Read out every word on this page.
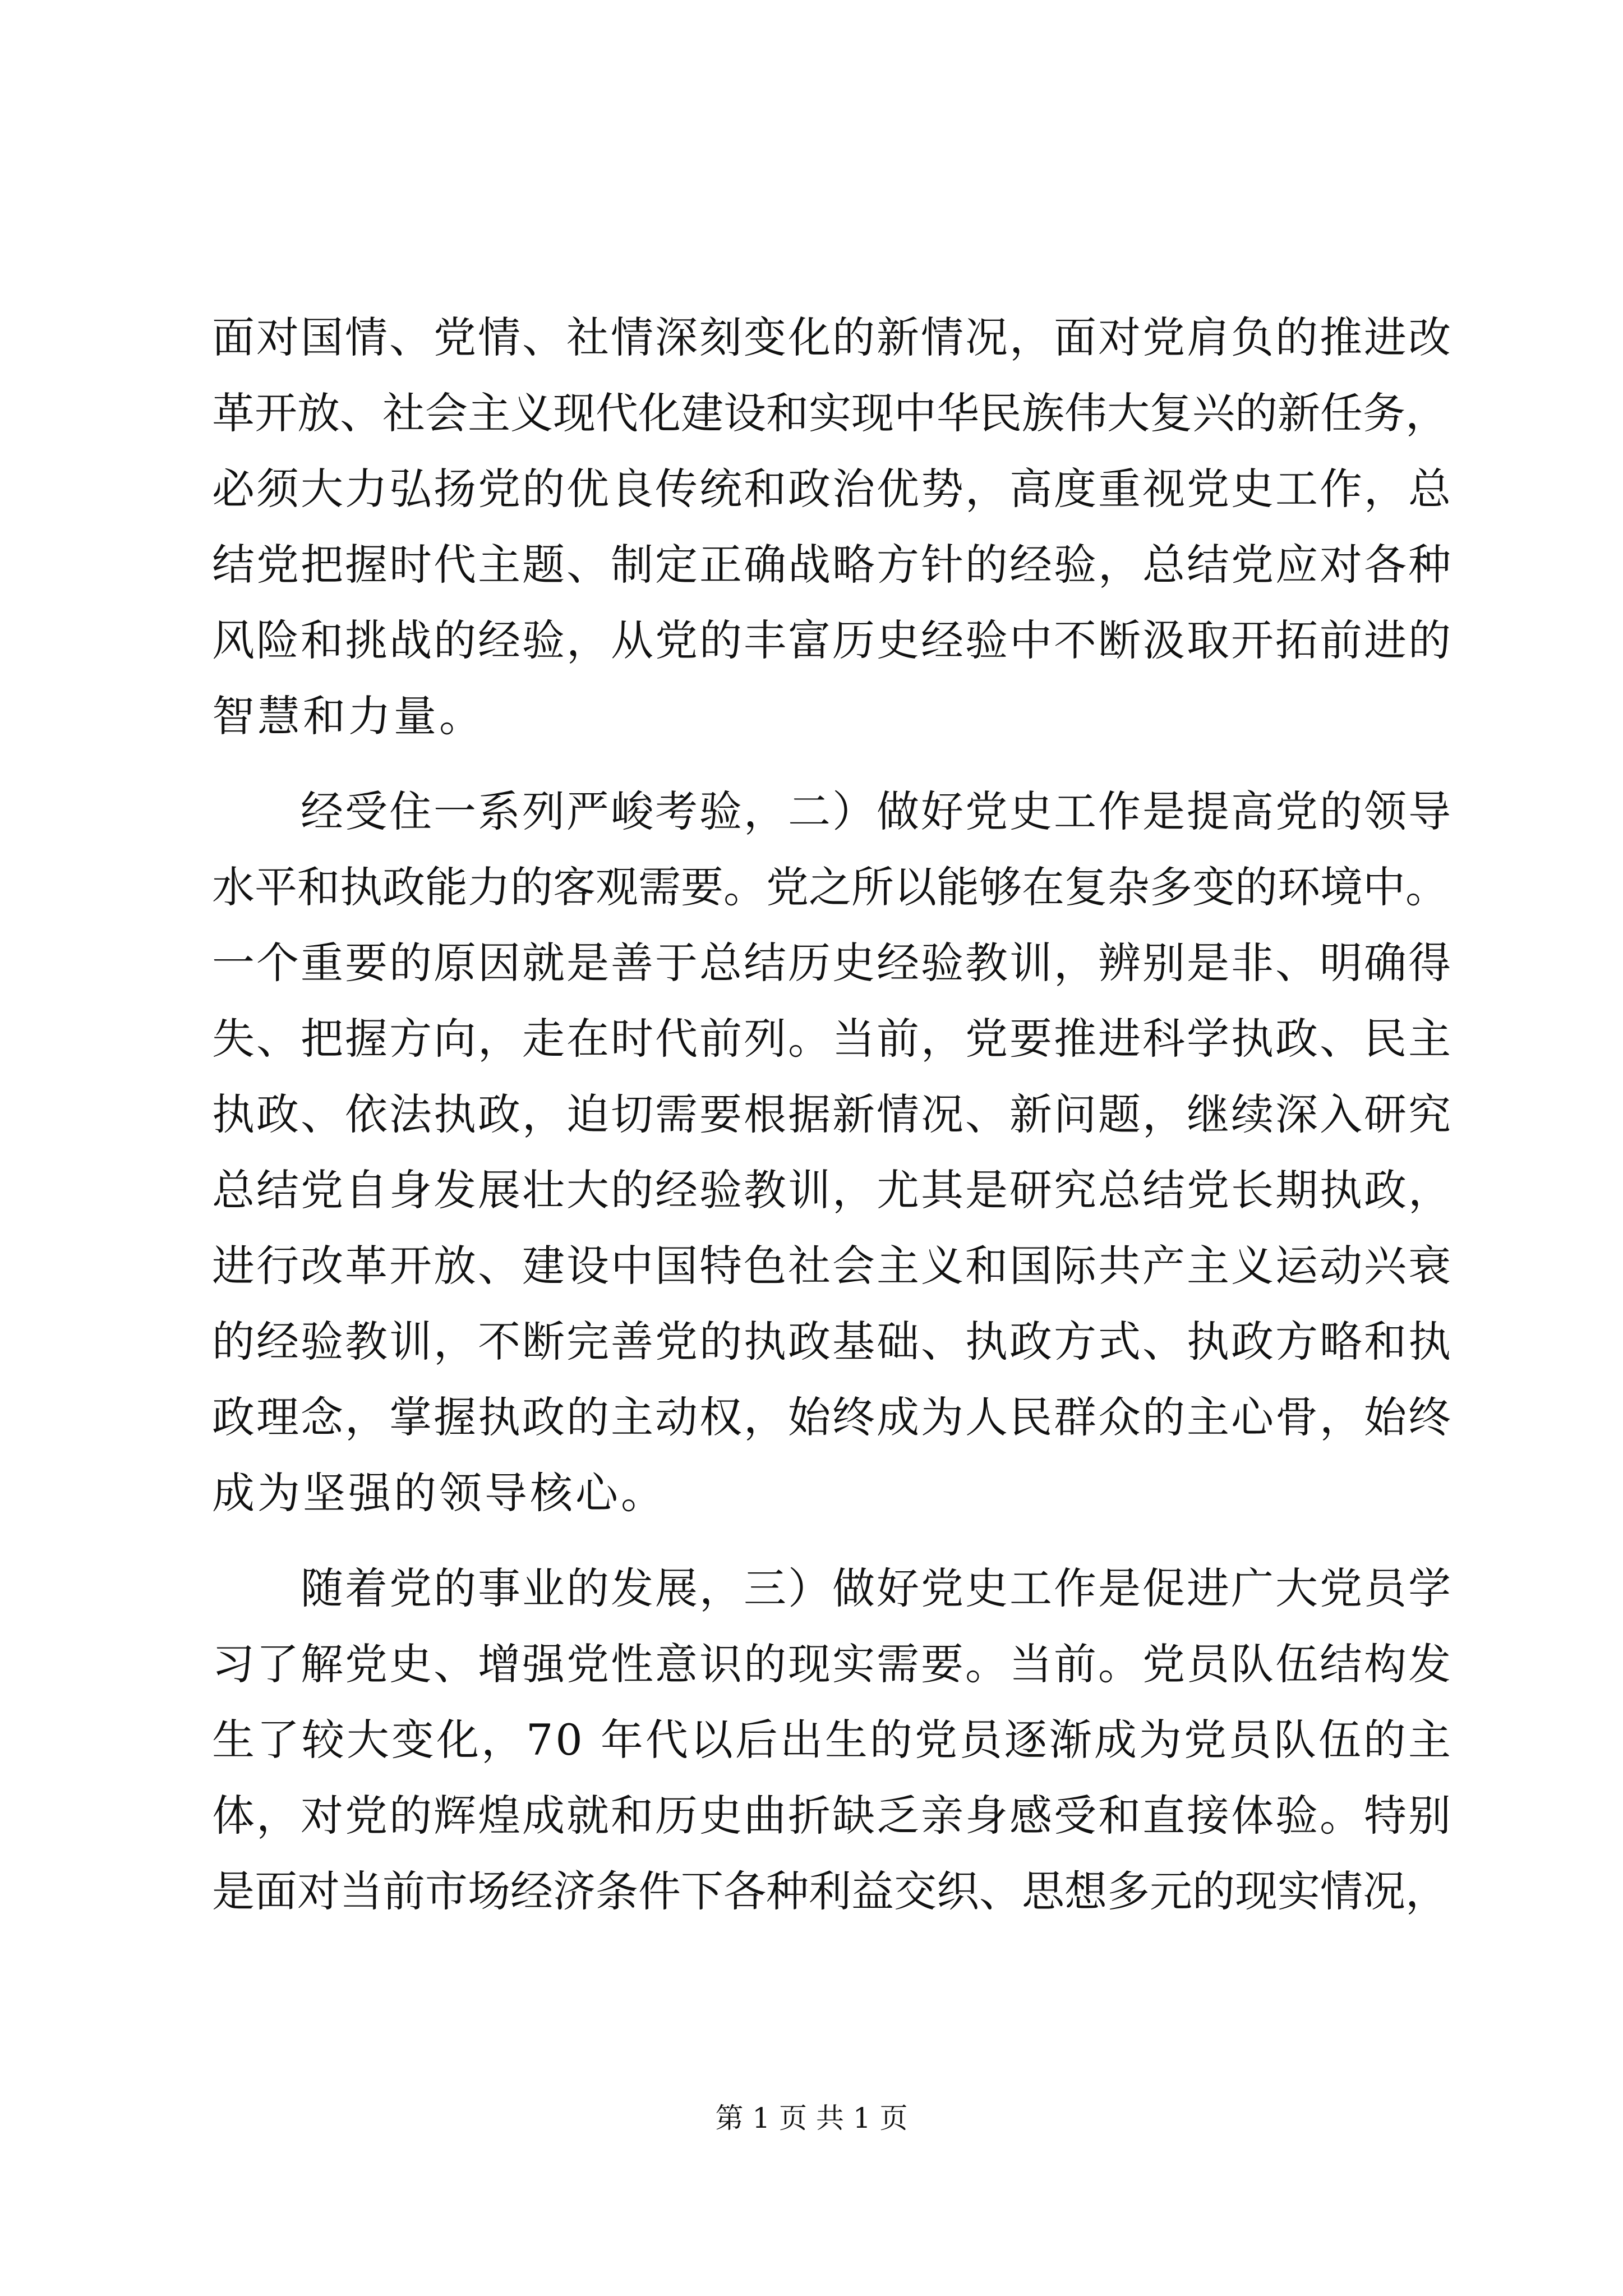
面对国情、党情、社情深刻变化的新情况，面对党肩负的推进改
革开放、社会主义现代化建设和实现中华民族伟大复兴的新任务，
必须大力弘扬党的优良传统和政治优势，高度重视党史工作，总
结党把握时代主题、制定正确战略方针的经验，总结党应对各种
风险和挑战的经验，从党的丰富历史经验中不断汲取开拓前进的
智慧和力量。
经受住一系列严峻考验，二）做好党史工作是提高党的领导
水平和执政能力的客观需要。党之所以能够在复杂多变的环境中。
一个重要的原因就是善于总结历史经验教训，辨别是非、明确得
失、把握方向，走在时代前列。当前，党要推进科学执政、民主
执政、依法执政，迫切需要根据新情况、新问题，继续深入研究
总结党自身发展壮大的经验教训，尤其是研究总结党长期执政，
进行改革开放、建设中国特色社会主义和国际共产主义运动兴衰
的经验教训，不断完善党的执政基础、执政方式、执政方略和执
政理念，掌握执政的主动权，始终成为人民群众的主心骨，始终
成为坚强的领导核心。
随着党的事业的发展，三）做好党史工作是促进广大党员学
习了解党史、增强党性意识的现实需要。当前。党员队伍结构发
生了较大变化，70 年代以后出生的党员逐渐成为党员队伍的主
体，对党的辉煌成就和历史曲折缺乏亲身感受和直接体验。特别
是面对当前市场经济条件下各种利益交织、思想多元的现实情况，
第 1 页 共 1 页
